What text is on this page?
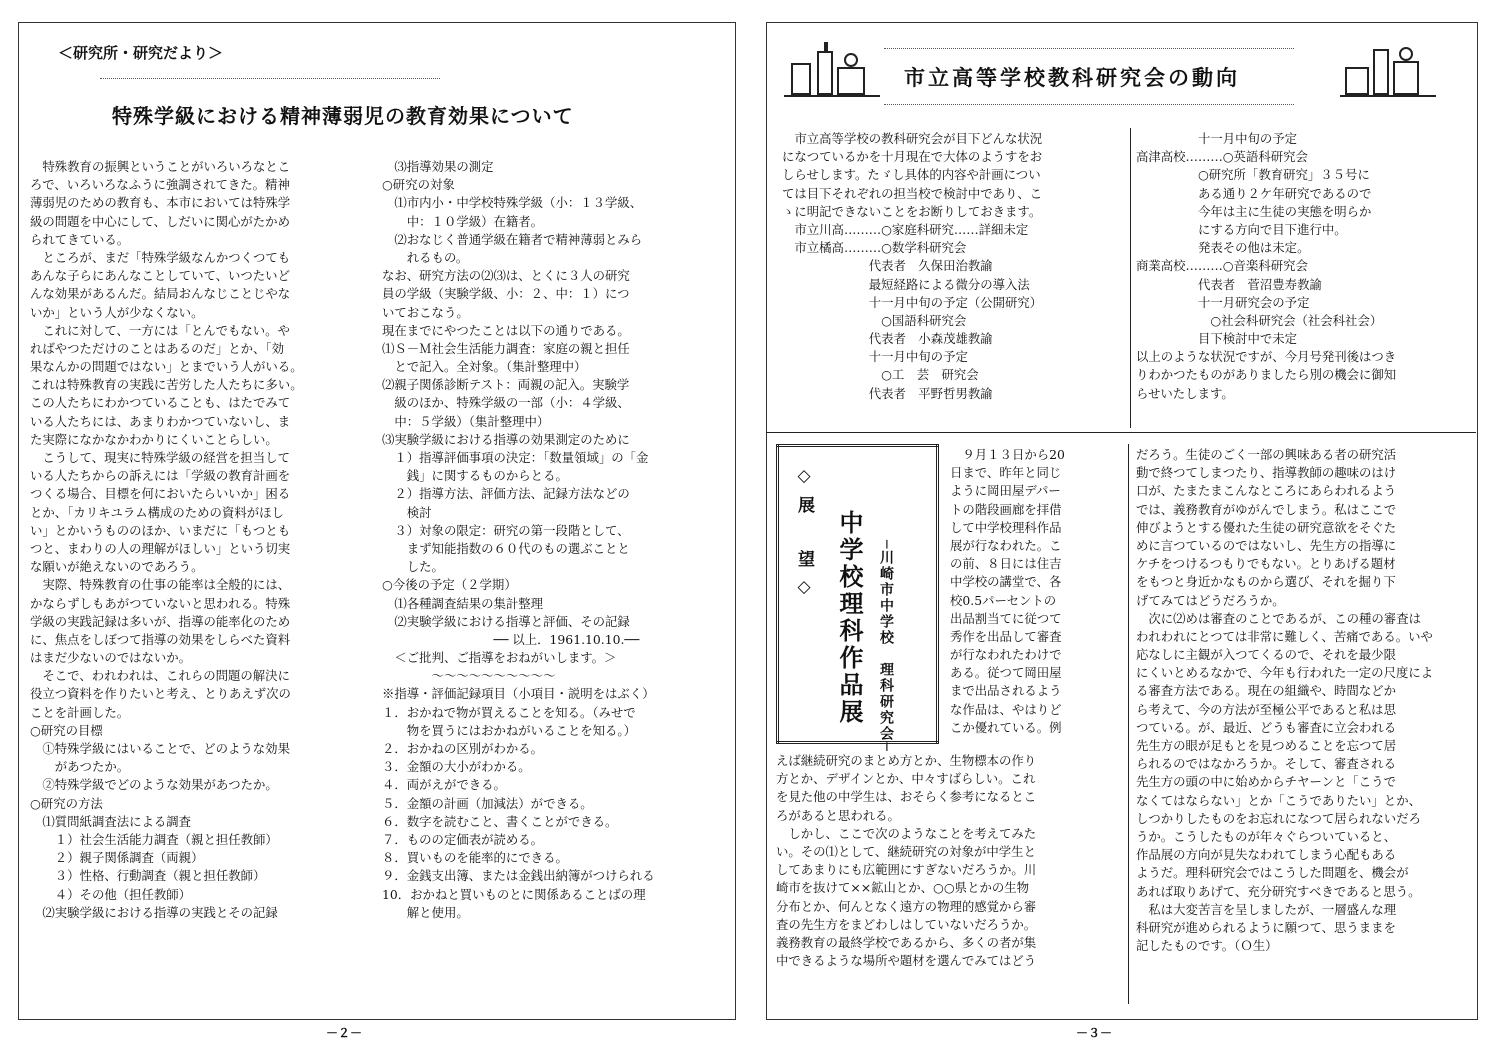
＜研究所・研究だより＞
特殊学級における精神薄弱児の教育効果について
　特殊教育の振興ということがいろいろなとこ
ろで、いろいろなふうに強調されてきた。精神
薄弱児のための教育も、本市においては特殊学
級の問題を中心にして、しだいに関心がたかめ
られてきている。
　ところが、まだ「特殊学級なんかつくつても
あんな子らにあんなことしていて、いつたいど
んな効果があるんだ。結局おんなじことじやな
いか」という人が少なくない。
　これに対して、一方には「とんでもない。や
ればやつただけのことはあるのだ」とか、「効
果なんかの問題ではない」とまでいう人がいる。
これは特殊教育の実践に苦労した人たちに多い。
この人たちにわかつていることも、はたでみて
いる人たちには、あまりわかつていないし、ま
た実際になかなかわかりにくいことらしい。
　こうして、現実に特殊学級の経営を担当して
いる人たちからの訴えには「学級の教育計画を
つくる場合、目標を何においたらいいか」困る
とか、「カリキユラム構成のための資料がほし
い」とかいうもののほか、いまだに「もつとも
つと、まわりの人の理解がほしい」という切実
な願いが絶えないのであろう。
　実際、特殊教育の仕事の能率は全般的には、
かならずしもあがつていないと思われる。特殊
学級の実践記録は多いが、指導の能率化のため
に、焦点をしぼつて指導の効果をしらべた資料
はまだ少ないのではないか。
　そこで、われわれは、これらの問題の解決に
役立つ資料を作りたいと考え、とりあえず次の
ことを計画した。
○研究の目標
　①特殊学級にはいることで、どのような効果
　　があつたか。
　②特殊学級でどのような効果があつたか。
○研究の方法
　⑴質問紙調査法による調査
　　１）社会生活能力調査（親と担任教師）
　　２）親子関係調査（両親）
　　３）性格、行動調査（親と担任教師）
　　４）その他（担任教師）
　⑵実験学級における指導の実践とその記録
　⑶指導効果の測定
○研究の対象
　⑴市内小・中学校特殊学級（小：１３学級、
　　中：１０学級）在籍者。
　⑵おなじく普通学級在籍者で精神薄弱とみら
　　れるもの。
なお、研究方法の⑵⑶は、とくに３人の研究
員の学級（実験学級、小：２、中：１）につ
いておこなう。
現在までにやつたことは以下の通りである。
⑴Ｓ－Ｍ社会生活能力調査：家庭の親と担任
　とで記入。全対象。（集計整理中）
⑵親子関係診断テスト：両親の記入。実験学
　級のほか、特殊学級の一部（小：４学級、
　中：５学級）（集計整理中）
⑶実験学級における指導の効果測定のために
　１）指導評価事項の決定：「数量領域」の「金
　　銭」に関するものからとる。
　２）指導方法、評価方法、記録方法などの
　　検討
　３）対象の限定：研究の第一段階として、
　　まず知能指数の６０代のもの選ぶことと
　　した。
○今後の予定（２学期）
　⑴各種調査結果の集計整理
　⑵実験学級における指導と評価、その記録
　　　　　　　　　── 以上．1961.10.10.──
　＜ご批判、ご指導をおねがいします。＞
　　　　〜〜〜〜〜〜〜〜〜〜
※指導・評価記録項目（小項目・説明をはぶく）
１．おかねで物が買えることを知る。（みせで
　　物を買うにはおかねがいることを知る。）
２．おかねの区別がわかる。
３．金額の大小がわかる。
４．両がえができる。
５．金額の計画（加減法）ができる。
６．数字を読むこと、書くことができる。
７．ものの定価表が読める。
８．買いものを能率的にできる。
９．金銭支出簿、または金銭出納簿がつけられる
10．おかねと買いものとに関係あることばの理
　　解と使用。
－２－
市立高等学校教科研究会の動向
　市立高等学校の教科研究会が目下どんな状況
になつているかを十月現在で大体のようすをお
しらせします。たゞし具体的内容や計画につい
ては目下それぞれの担当校で検討中であり、こ
ゝに明記できないことをお断りしておきます。
　市立川高………○家庭科研究……詳細未定
　市立橘高………○数学科研究会
　　　　　　　代表者　久保田治教諭
　　　　　　　最短経路による微分の導入法
　　　　　　　十一月中旬の予定（公開研究）
　　　　　　　　○国語科研究会
　　　　　　　代表者　小森茂雄教諭
　　　　　　　十一月中旬の予定
　　　　　　　　○工　芸　研究会
　　　　　　　代表者　平野哲男教諭
　　　　　十一月中旬の予定
高津高校………○英語科研究会
　　　　　○研究所「教育研究」３５号に
　　　　　ある通り２ケ年研究であるので
　　　　　今年は主に生徒の実態を明らか
　　　　　にする方向で目下進行中。
　　　　　発表その他は未定。
商業高校………○音楽科研究会
　　　　　代表者　菅沼豊寿教諭
　　　　　十一月研究会の予定
　　　　　　○社会科研究会（社会科社会）
　　　　　目下検討中で未定
以上のような状況ですが、今月号発刊後はつき
りわかつたものがありましたら別の機会に御知
らせいたします。
◇展　望◇ 中学校理科作品展 ─川崎市中学校　理科研究会─
　９月１３日から20
日まで、昨年と同じ
ように岡田屋デパー
トの階段画廊を拝借
して中学校理科作品
展が行なわれた。こ
の前、８日には住吉
中学校の講堂で、各
校0.5パーセントの
出品割当てに従つて
秀作を出品して審査
が行なわれたわけで
ある。従つて岡田屋
まで出品されるよう
な作品は、やはりど
こか優れている。例
えば継続研究のまとめ方とか、生物標本の作り
方とか、デザインとか、中々すばらしい。これ
を見た他の中学生は、おそらく参考になるとこ
ろがあると思われる。
　しかし、ここで次のようなことを考えてみた
い。その⑴として、継続研究の対象が中学生と
してあまりにも広範囲にすぎないだろうか。川
崎市を抜けて××鉱山とか、○○県とかの生物
分布とか、何んとなく遠方の物理的感覚から審
査の先生方をまどわしはしていないだろうか。
義務教育の最終学校であるから、多くの者が集
中できるような場所や題材を選んでみてはどう
だろう。生徒のごく一部の興味ある者の研究活
動で終つてしまつたり、指導教師の趣味のはけ
口が、たまたまこんなところにあらわれるよう
では、義務教育がゆがんでしまう。私はここで
伸びようとする優れた生徒の研究意欲をそぐた
めに言つているのではないし、先生方の指導に
ケチをつけるつもりでもない。とりあげる題材
をもつと身近かなものから選び、それを掘り下
げてみてはどうだろうか。
　次に⑵めは審査のことであるが、この種の審査は
われわれにとつては非常に難しく、苦痛である。いや
応なしに主観が入つてくるので、それを最少限
にくいとめるなかで、今年も行われた一定の尺度によ
る審査方法である。現在の組織や、時間などか
ら考えて、今の方法が至極公平であると私は思
つている。が、最近、どうも審査に立会われる
先生方の眼が足もとを見つめることを忘つて居
られるのではなかろうか。そして、審査される
先生方の頭の中に始めからチヤーンと「こうで
なくてはならない」とか「こうでありたい」とか、
しつかりしたものをお忘れになつて居られないだろ
うか。こうしたものが年々ぐらついていると、
作品展の方向が見失なわれてしまう心配もある
ようだ。理科研究会ではこうした問題を、機会が
あれば取りあげて、充分研究すべきであると思う。
　私は大変苦言を呈しましたが、一層盛んな理
科研究が進められるように願つて、思うままを
記したものです。（Ｏ生）
－３－
